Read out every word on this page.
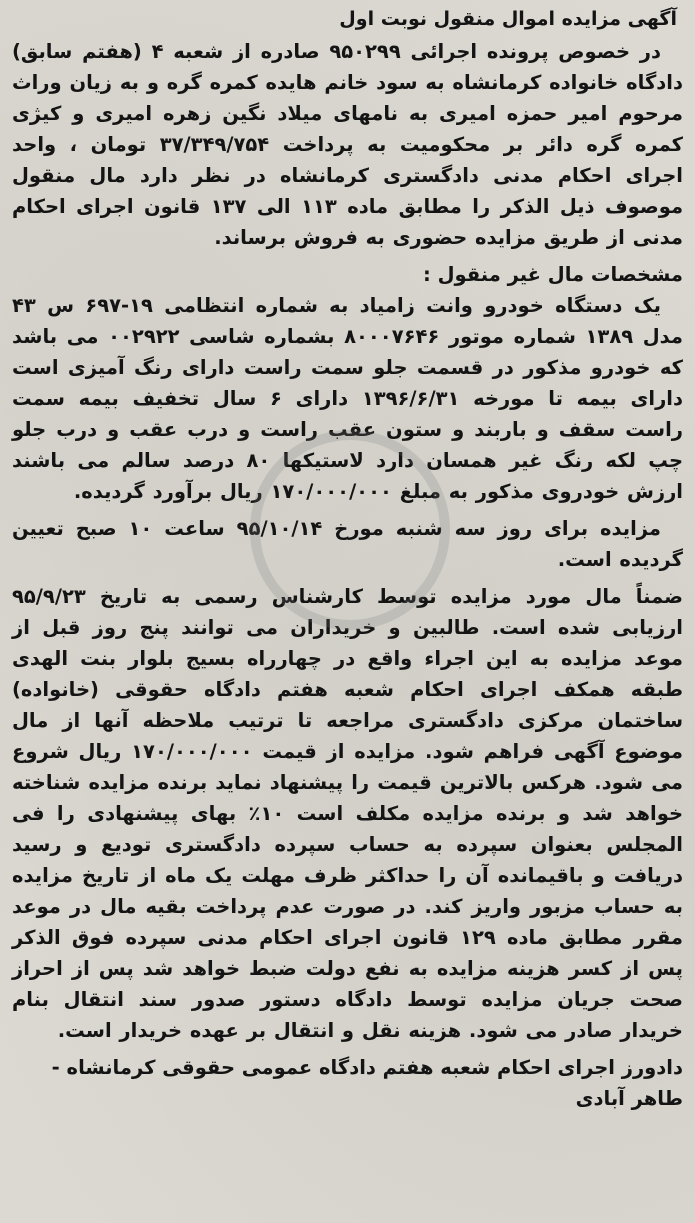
آگهی مزایده اموال منقول نوبت اول

در خصوص پرونده اجرائی ۹۵۰۲۹۹ صادره از شعبه ۴ (هفتم سابق) دادگاه خانواده کرمانشاه به سود خانم هایده کمره گره و به زیان وراث مرحوم امیر حمزه امیری به نامهای میلاد نگین زهره امیری و کیژی کمره گره دائر بر محکومیت به پرداخت ۳۷/۳۴۹/۷۵۴ تومان ، واحد اجرای احکام مدنی دادگستری کرمانشاه در نظر دارد مال منقول موصوف ذیل الذکر را مطابق ماده ۱۱۳ الی ۱۳۷ قانون اجرای احکام مدنی از طریق مزایده حضوری به فروش برساند.

مشخصات مال غیر منقول :

یک دستگاه خودرو وانت زامیاد به شماره انتظامی ۱۹-۶۹۷ س ۴۳ مدل ۱۳۸۹ شماره موتور ۸۰۰۰۷۶۴۶ بشماره شاسی ۰۰۲۹۲۲ می باشد که خودرو مذکور در قسمت جلو سمت راست دارای رنگ آمیزی است دارای بیمه تا مورخه ۱۳۹۶/۶/۳۱ دارای ۶ سال تخفیف بیمه سمت راست سقف و باربند و ستون عقب راست و درب عقب و درب جلو چپ لکه رنگ غیر همسان دارد لاستیکها ۸۰ درصد سالم می باشند ارزش خودروی مذکور به مبلغ ۱۷۰/۰۰۰/۰۰۰ ریال برآورد گردیده.

مزایده برای روز سه شنبه مورخ ۹۵/۱۰/۱۴ ساعت ۱۰ صبح تعیین گردیده است.

ضمناً مال مورد مزایده توسط کارشناس رسمی به تاریخ ۹۵/۹/۲۳ ارزیابی شده است. طالبین و خریداران می توانند پنج روز قبل از موعد مزایده به این اجراء واقع در چهارراه بسیج بلوار بنت الهدی طبقه همکف اجرای احکام شعبه هفتم دادگاه حقوقی (خانواده) ساختمان مرکزی دادگستری مراجعه تا ترتیب ملاحظه آنها از مال موضوع آگهی فراهم شود. مزایده از قیمت ۱۷۰/۰۰۰/۰۰۰ ریال شروع می شود. هرکس بالاترین قیمت را پیشنهاد نماید برنده مزایده شناخته خواهد شد و برنده مزایده مکلف است ۱۰٪ بهای پیشنهادی را فی المجلس بعنوان سپرده به حساب سپرده دادگستری تودیع و رسید دریافت و باقیمانده آن را حداکثر ظرف مهلت یک ماه از تاریخ مزایده به حساب مزبور واریز کند. در صورت عدم پرداخت بقیه مال در موعد مقرر مطابق ماده ۱۲۹ قانون اجرای احکام مدنی سپرده فوق الذکر پس از کسر هزینه مزایده به نفع دولت ضبط خواهد شد پس از احراز صحت جریان مزایده توسط دادگاه دستور صدور سند انتقال بنام خریدار صادر می شود. هزینه نقل و انتقال بر عهده خریدار است.

دادورز اجرای احکام شعبه هفتم دادگاه عمومی حقوقی کرمانشاه - طاهر آبادی
